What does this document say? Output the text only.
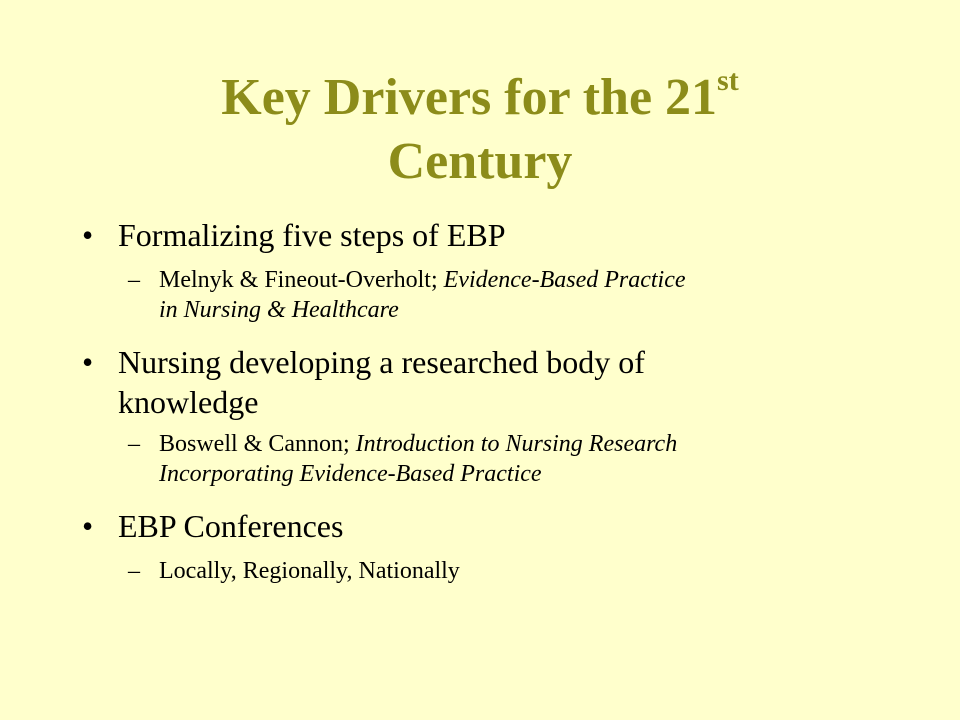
Key Drivers for the 21st
Century
• Formalizing five steps of EBP
– Melnyk & Fineout-Overholt; Evidence-Based Practice
in Nursing & Healthcare
• Nursing developing a researched body of
knowledge
– Boswell & Cannon; Introduction to Nursing Research
Incorporating Evidence-Based Practice
• EBP Conferences
– Locally, Regionally, Nationally
